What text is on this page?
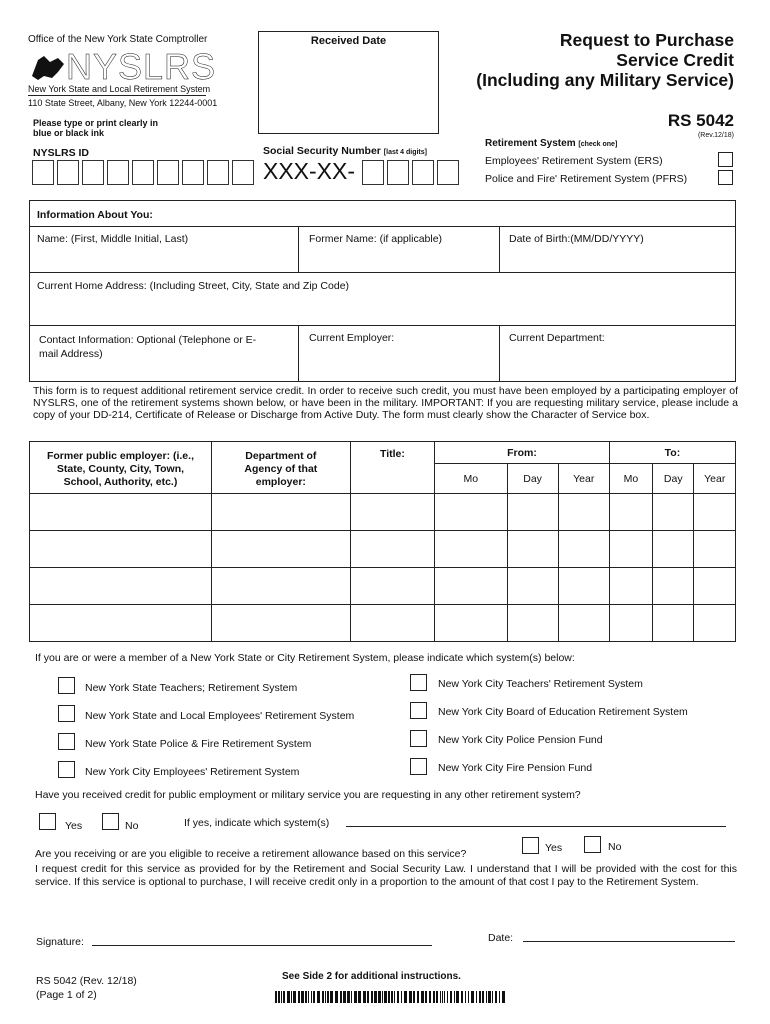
Office of the New York State Comptroller
NYSLRS
New York State and Local Retirement System
110 State Street, Albany, New York 12244-0001
Please type or print clearly in blue or black ink
Received Date	Request to Purchase
Service Credit
(Including any Military Service)
RS 5042
(Rev.12/18)
NYSLRS ID	Social Security Number [last 4 digits]
XXX-XX-
Retirement System [check one]
Employees' Retirement System (ERS)
Police and Fire' Retirement System (PFRS)
Information About You:
Name: (First, Middle Initial, Last)	Former Name: (if applicable)	Date of Birth:(MM/DD/YYYY)
Current Home Address: (Including Street, City, State and Zip Code)
Contact Information: Optional (Telephone or E-mail Address)
Current Employer:	Current Department:
This form is to request additional retirement service credit. In order to receive such credit, you must have been employed by a participating employer of NYSLRS, one of the retirement systems shown below, or have been in the military. IMPORTANT: If you are requesting military service, please include a copy of your DD-214, Certificate of Release or Discharge from Active Duty. The form must clearly show the Character of Service box.
Former public employer: (i.e., State, County, City, Town, School, Authority, etc.)	Department of Agency of that employer:	Title:	From:			To:		
			Mo	Day	Year	Mo	Day	Year

If you are or were a member of a New York State or City Retirement System, please indicate which system(s) below:
New York State Teachers; Retirement System
New York State and Local Employees' Retirement System
New York State Police & Fire Retirement System
New York City Employees' Retirement System
New York City Teachers' Retirement System
New York City Board of Education Retirement System
New York City Police Pension Fund
New York City Fire Pension Fund
Have you received credit for public employment or military service you are requesting in any other retirement system?
Yes	No	If yes, indicate which system(s)
Are you receiving or are you eligible to receive a retirement allowance based on this service?	Yes	No
I request credit for this service as provided for by the Retirement and Social Security Law. I understand that I will be provided with the cost for this service. If this service is optional to purchase, I will receive credit only in a proportion to the amount of that cost I pay to the Retirement System.
Signature:	Date:
RS 5042 (Rev. 12/18)
(Page 1 of 2)
See Side 2 for additional instructions.
